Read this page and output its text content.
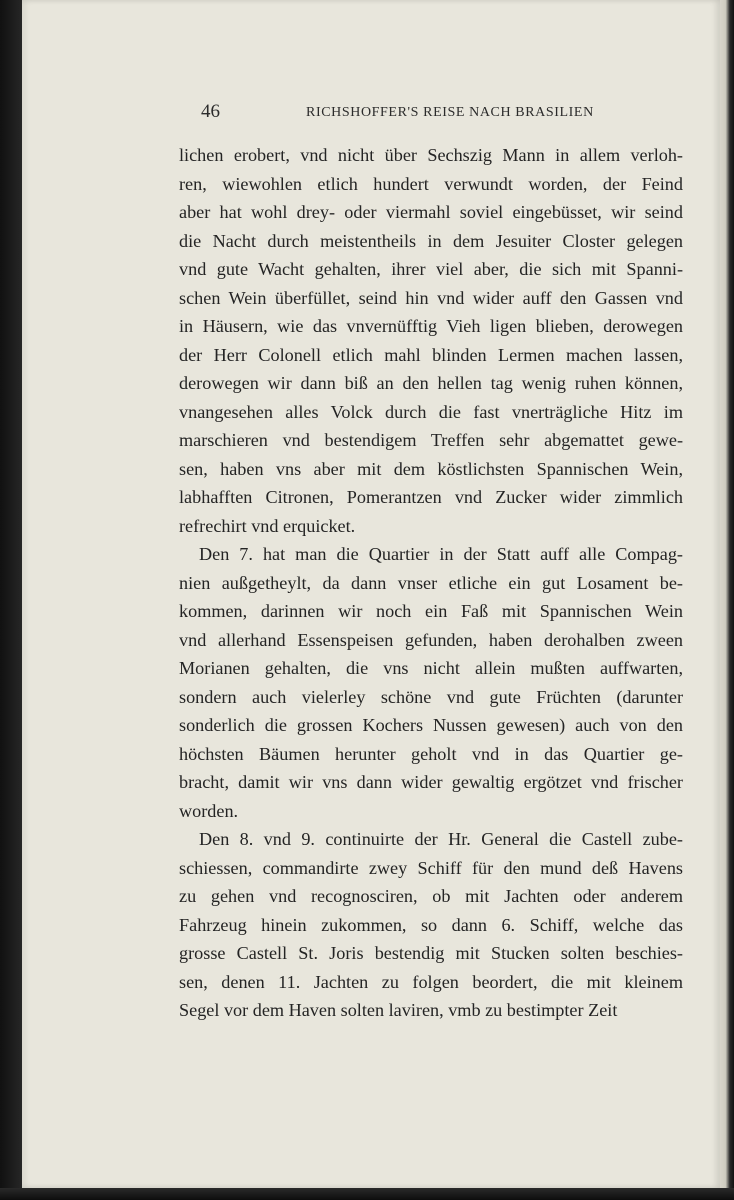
46	RICHSHOFFER'S REISE NACH BRASILIEN
lichen erobert, vnd nicht über Sechszig Mann in allem verloh-
ren, wiewohlen etlich hundert verwundt worden, der Feind
aber hat wohl drey- oder viermahl soviel eingebüsset, wir seind
die Nacht durch meistentheils in dem Jesuiter Closter gelegen
vnd gute Wacht gehalten, ihrer viel aber, die sich mit Spanni-
schen Wein überfüllet, seind hin vnd wider auff den Gassen vnd
in Häusern, wie das vnvernüfftig Vieh ligen blieben, derowegen
der Herr Colonell etlich mahl blinden Lermen machen lassen,
derowegen wir dann biß an den hellen tag wenig ruhen können,
vnangesehen alles Volck durch die fast vnerträgliche Hitz im
marschieren vnd bestendigem Treffen sehr abgemattet gewe-
sen, haben vns aber mit dem köstlichsten Spannischen Wein,
labhafften Citronen, Pomerantzen vnd Zucker wider zimmlich
refrechirt vnd erquicket.
Den 7. hat man die Quartier in der Statt auff alle Compag-
nien außgetheylt, da dann vnser etliche ein gut Losament be-
kommen, darinnen wir noch ein Faß mit Spannischen Wein
vnd allerhand Essenspeisen gefunden, haben derohalben zween
Morianen gehalten, die vns nicht allein mußten auffwarten,
sondern auch vielerley schöne vnd gute Früchten (darunter
sonderlich die grossen Kochers Nussen gewesen) auch von den
höchsten Bäumen herunter geholt vnd in das Quartier ge-
bracht, damit wir vns dann wider gewaltig ergötzet vnd frischer
worden.
Den 8. vnd 9. continuirte der Hr. General die Castell zube-
schiessen, commandirte zwey Schiff für den mund deß Havens
zu gehen vnd recognosciren, ob mit Jachten oder anderem
Fahrzeug hinein zukommen, so dann 6. Schiff, welche das
grosse Castell St. Joris bestendig mit Stucken solten beschies-
sen, denen 11. Jachten zu folgen beordert, die mit kleinem
Segel vor dem Haven solten laviren, vmb zu bestimpter Zeit
